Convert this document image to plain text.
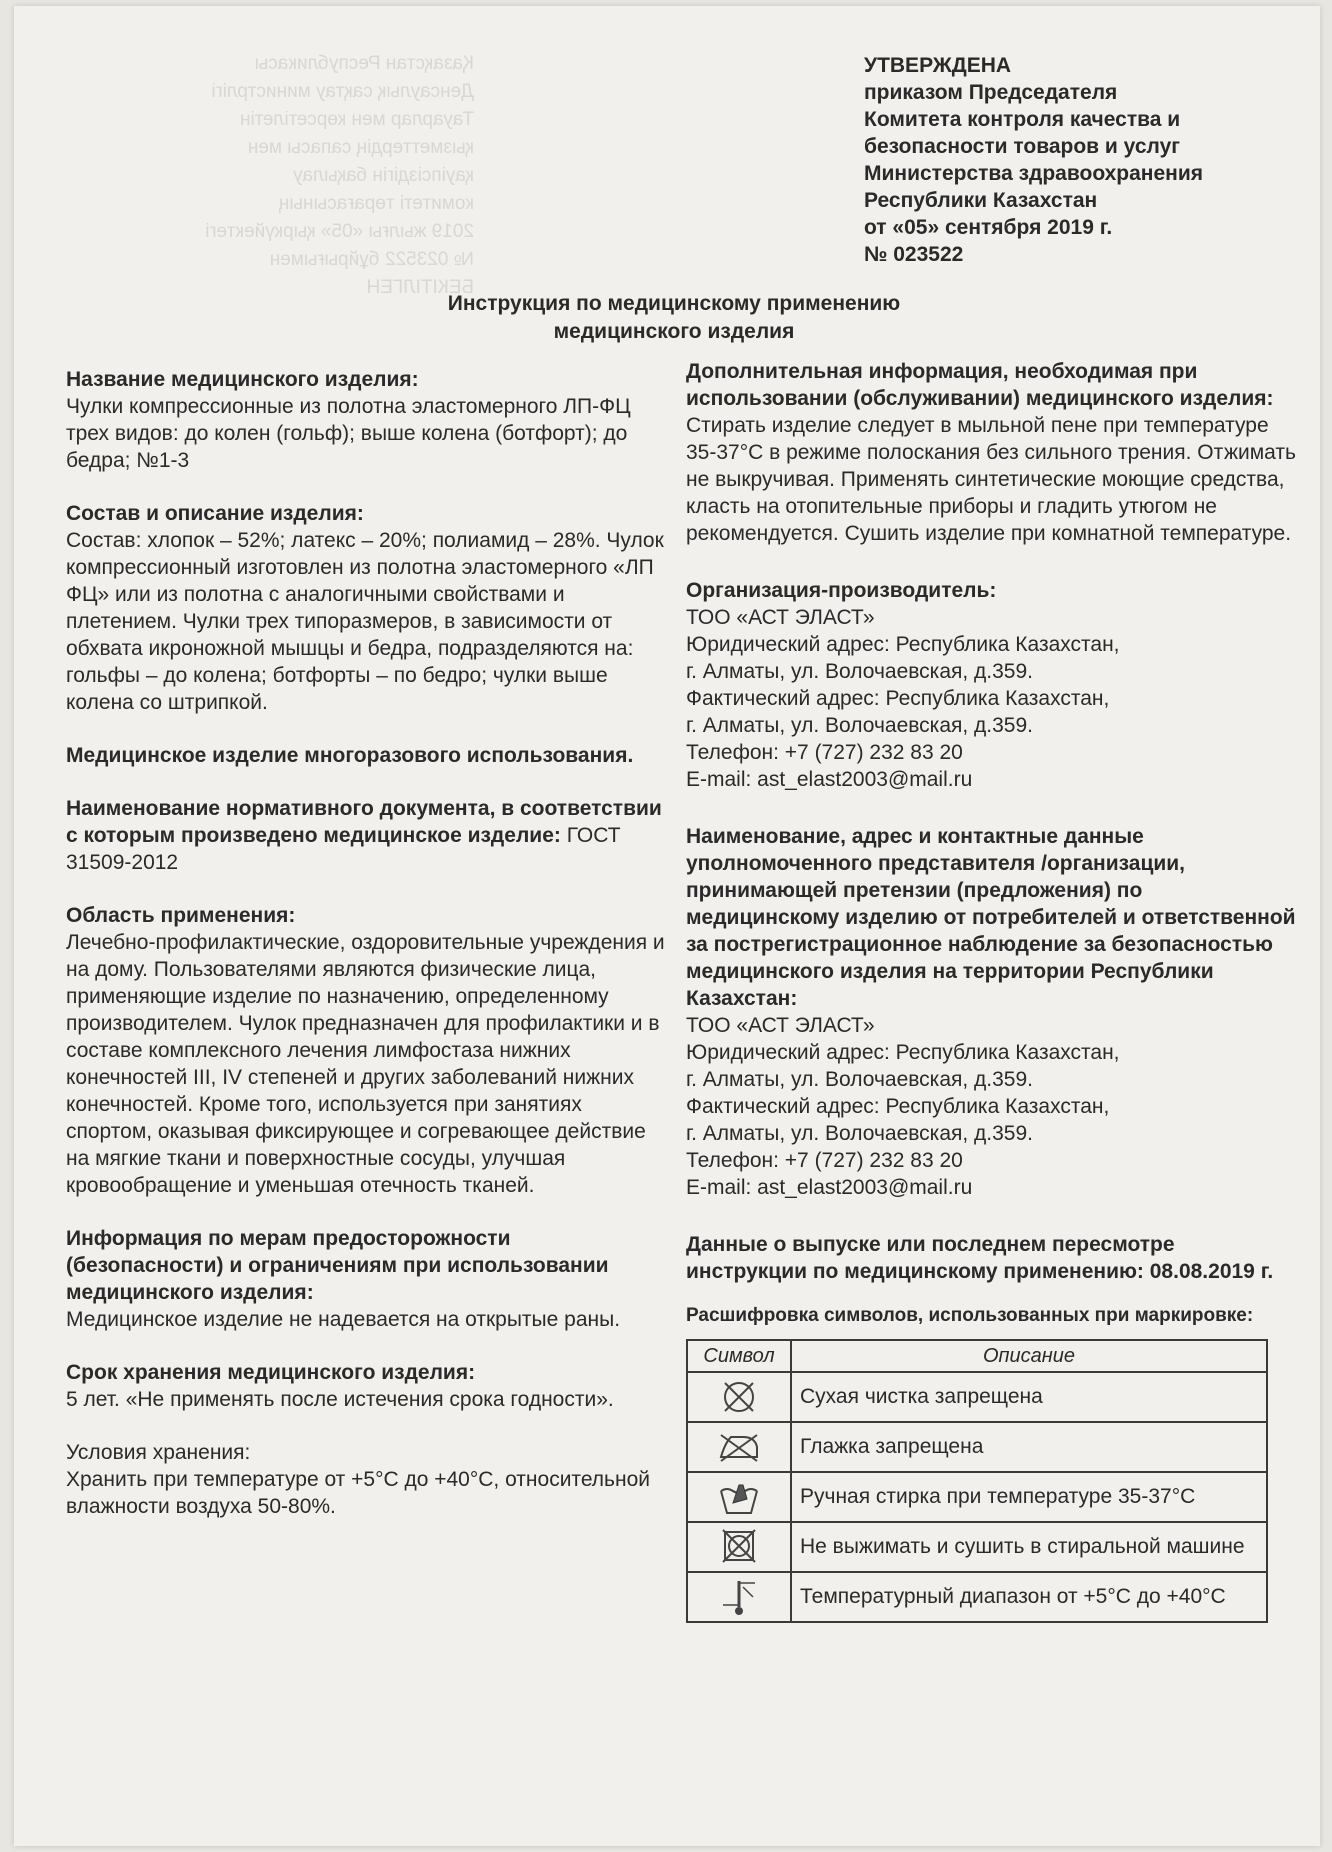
Қазақстан Республикасы
Денсаулық сақтау министрлігі
Тауарлар мен көрсетілетін
қызметтердің сапасы мен
қауіпсіздігін бақылау
комитеті төрағасының
2019 жылғы «05» қыркүйектегі
№ 023522 бұйрығымен
БЕКІТІЛГЕН
УТВЕРЖДЕНА
приказом Председателя
Комитета контроля качества и
безопасности товаров и услуг
Министерства здравоохранения
Республики Казахстан
от «05» сентября 2019 г.
№ 023522
Инструкция по медицинскому применению
медицинского изделия

Название медицинского изделия:
Чулки компрессионные из полотна эластомерного ЛП-ФЦ трех видов: до колен (гольф); выше колена (ботфорт); до бедра; №1-3

Состав и описание изделия:
Состав: хлопок – 52%; латекс – 20%; полиамид – 28%. Чулок компрессионный изготовлен из полотна эластомерного «ЛП ФЦ» или из полотна с аналогичными свойствами и плетением. Чулки трех типоразмеров, в зависимости от обхвата икроножной мышцы и бедра, подразделяются на: гольфы – до колена; ботфорты – по бедро; чулки выше колена со штрипкой.

Медицинское изделие многоразового использования.

Наименование нормативного документа, в соответствии с которым произведено медицинское изделие: ГОСТ 31509-2012

Область применения:
Лечебно-профилактические, оздоровительные учреждения и на дому. Пользователями являются физические лица, применяющие изделие по назначению, определенному производителем. Чулок предназначен для профилактики и в составе комплексного лечения лимфостаза нижних конечностей III, IV степеней и других заболеваний нижних конечностей. Кроме того, используется при занятиях спортом, оказывая фиксирующее и согревающее действие на мягкие ткани и поверхностные сосуды, улучшая кровообращение и уменьшая отечность тканей.

Информация по мерам предосторожности (безопасности) и ограничениям при использовании медицинского изделия:
Медицинское изделие не надевается на открытые раны.

Срок хранения медицинского изделия:
5 лет. «Не применять после истечения срока годности».

Условия хранения:
Хранить при температуре от +5°С до +40°С, относительной влажности воздуха 50-80%.

Дополнительная информация, необходимая при использовании (обслуживании) медицинского изделия:
Стирать изделие следует в мыльной пене при температуре 35-37°С в режиме полоскания без сильного трения. Отжимать не выкручивая. Применять синтетические моющие средства, класть на отопительные приборы и гладить утюгом не рекомендуется. Сушить изделие при комнатной температуре.

Организация-производитель:
ТОО «АСТ ЭЛАСТ»
Юридический адрес: Республика Казахстан,
г. Алматы, ул. Волочаевская, д.359.
Фактический адрес: Республика Казахстан,
г. Алматы, ул. Волочаевская, д.359.
Телефон: +7 (727) 232 83 20
E-mail: ast_elast2003@mail.ru

Наименование, адрес и контактные данные уполномоченного представителя /организации, принимающей претензии (предложения) по медицинскому изделию от потребителей и ответственной за пострегистрационное наблюдение за безопасностью медицинского изделия на территории Республики Казахстан:
ТОО «АСТ ЭЛАСТ»
Юридический адрес: Республика Казахстан,
г. Алматы, ул. Волочаевская, д.359.
Фактический адрес: Республика Казахстан,
г. Алматы, ул. Волочаевская, д.359.
Телефон: +7 (727) 232 83 20
E-mail: ast_elast2003@mail.ru

Данные о выпуске или последнем пересмотре инструкции по медицинскому применению: 08.08.2019 г.

Расшифровка символов, использованных при маркировке:
Символ	Описание
	Сухая чистка запрещена
	Глажка запрещена
	Ручная стирка при температуре 35-37°С
	Не выжимать и сушить в стиральной машине
	Температурный диапазон от +5°С до +40°С
